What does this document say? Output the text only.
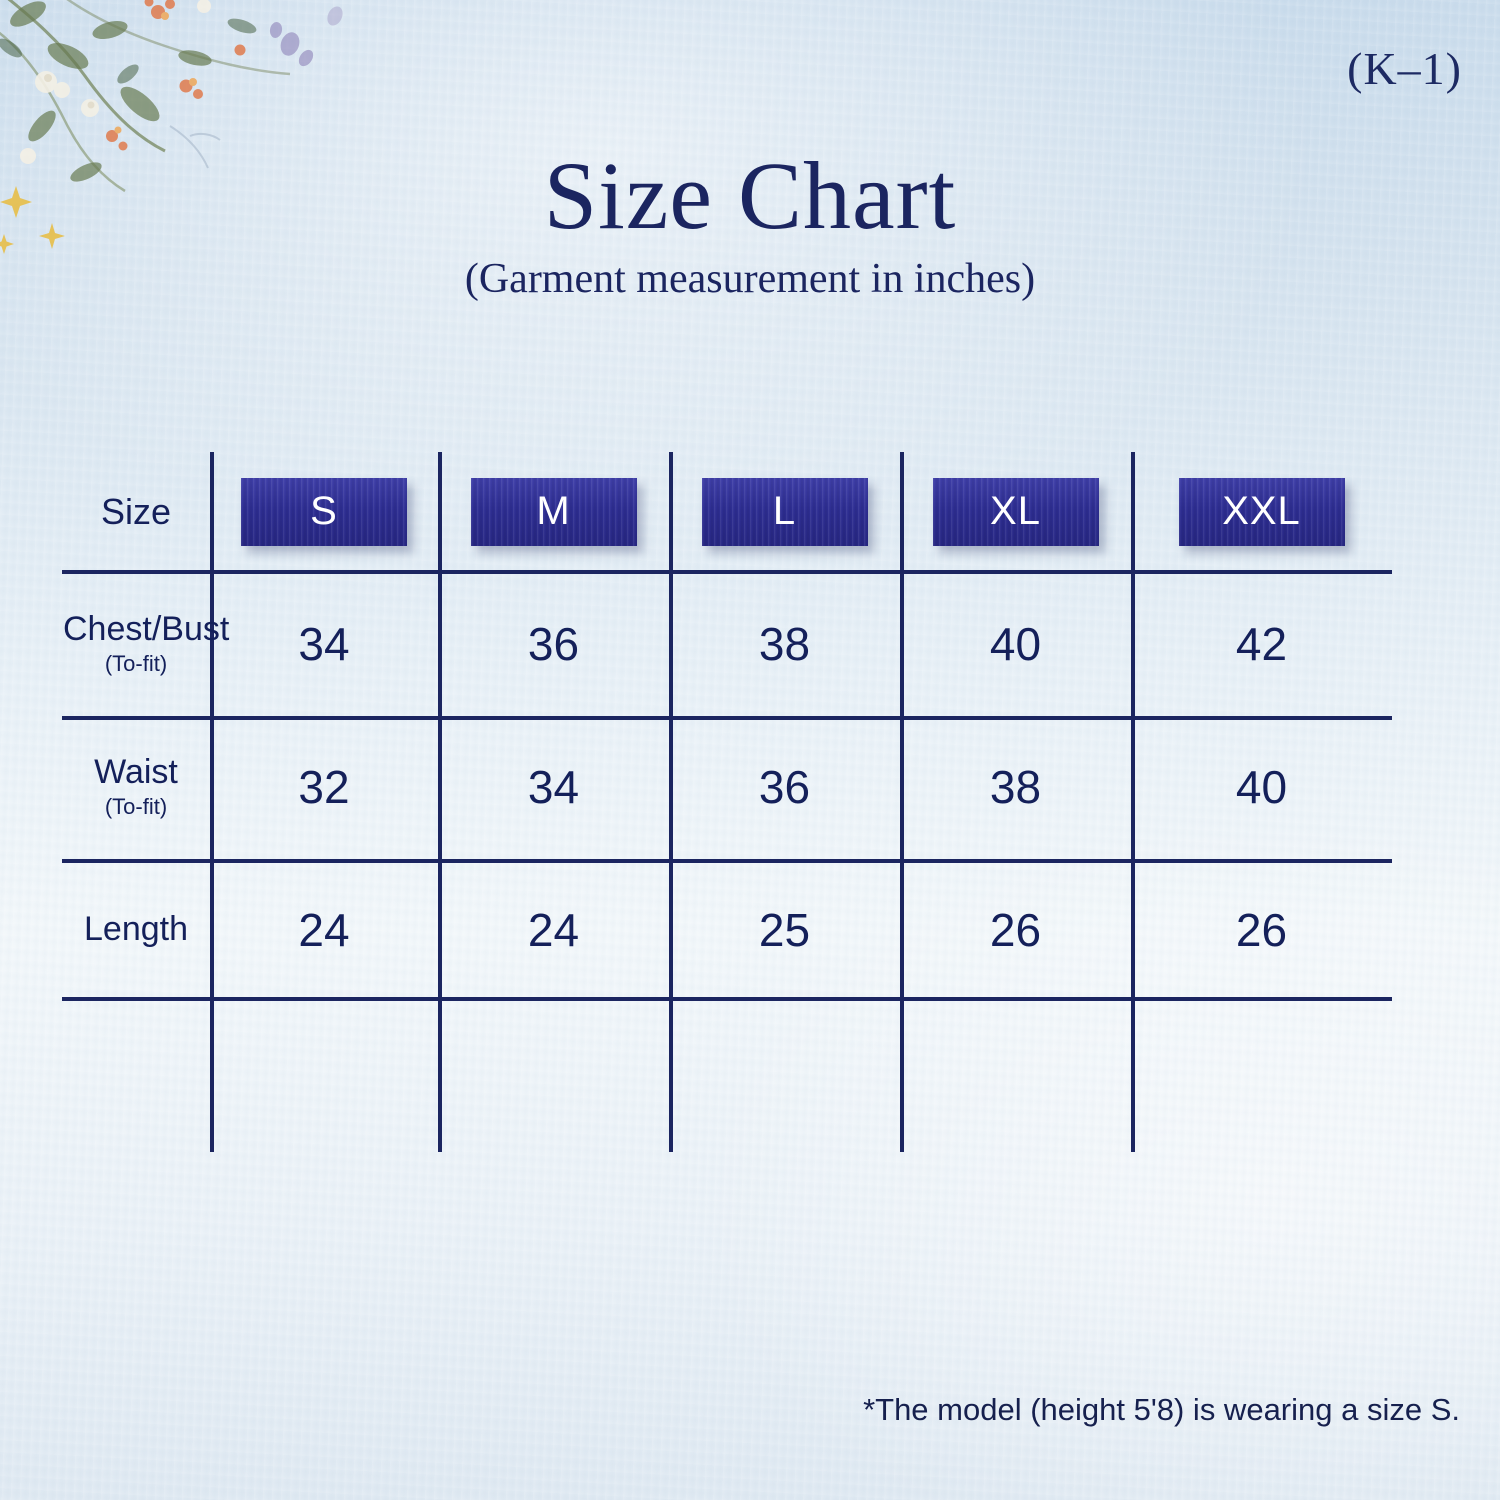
(K–1)
Size Chart
(Garment measurement in inches)
Size	S	M	L	XL	XXL
Chest/Bust
(To-fit)	34	36	38	40	42
Waist
(To-fit)	32	34	36	38	40
Length	24	24	25	26	26

*The model (height 5'8) is wearing a size S.
